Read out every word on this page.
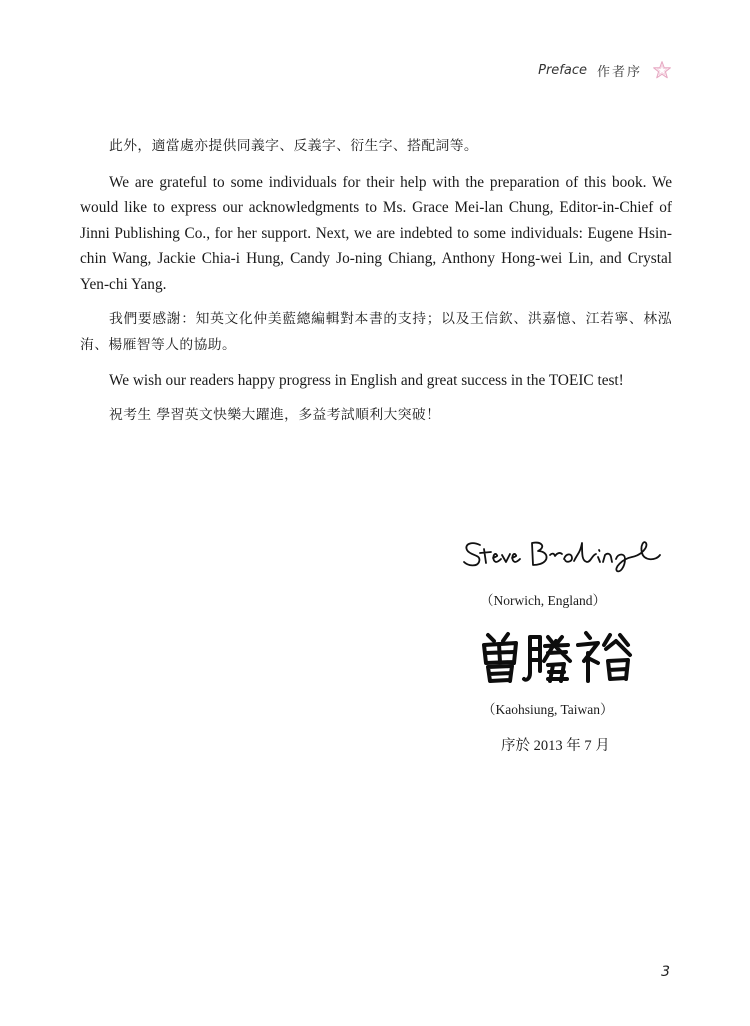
Preface 作者序

此外，適當處亦提供同義字、反義字、衍生字、搭配詞等。

We are grateful to some individuals for their help with the preparation of this book. We would like to express our acknowledgments to Ms. Grace Mei-lan Chung, Editor-in-Chief of Jinni Publishing Co., for her support. Next, we are indebted to some individuals: Eugene Hsin-chin Wang, Jackie Chia-i Hung, Candy Jo-ning Chiang, Anthony Hong-wei Lin, and Crystal Yen-chi Yang.

我們要感謝：知英文化仲美藍總編輯對本書的支持；以及王信欽、洪嘉憶、江若寧、林泓洧、楊雁智等人的協助。

We wish our readers happy progress in English and great success in the TOEIC test!

祝考生 學習英文快樂大躍進，多益考試順利大突破！

（Norwich, England）
（Kaohsiung, Taiwan）
序於 2013 年 7 月
3
